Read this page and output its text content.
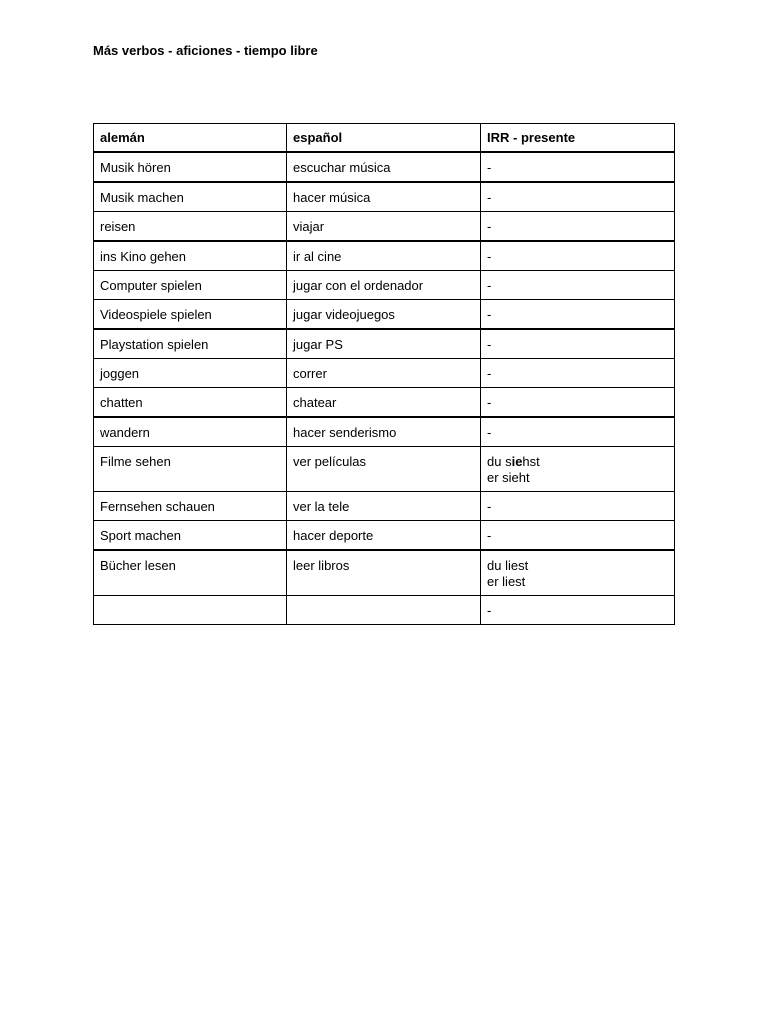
Más verbos - aficiones - tiempo libre
alemán	español	IRR - presente
Musik hören	escuchar música	-
Musik machen	hacer música	-
reisen	viajar	-
ins Kino gehen	ir al cine	-
Computer spielen	jugar con el ordenador	-
Videospiele spielen	jugar videojuegos	-
Playstation spielen	jugar PS	-
joggen	correr	-
chatten	chatear	-
wandern	hacer senderismo	-
Filme sehen	ver películas	du siehst
er sieht

Fernsehen schauen	ver la tele	-
Sport machen	hacer deporte	-
Bücher lesen	leer libros	du liest
er liest

		-
